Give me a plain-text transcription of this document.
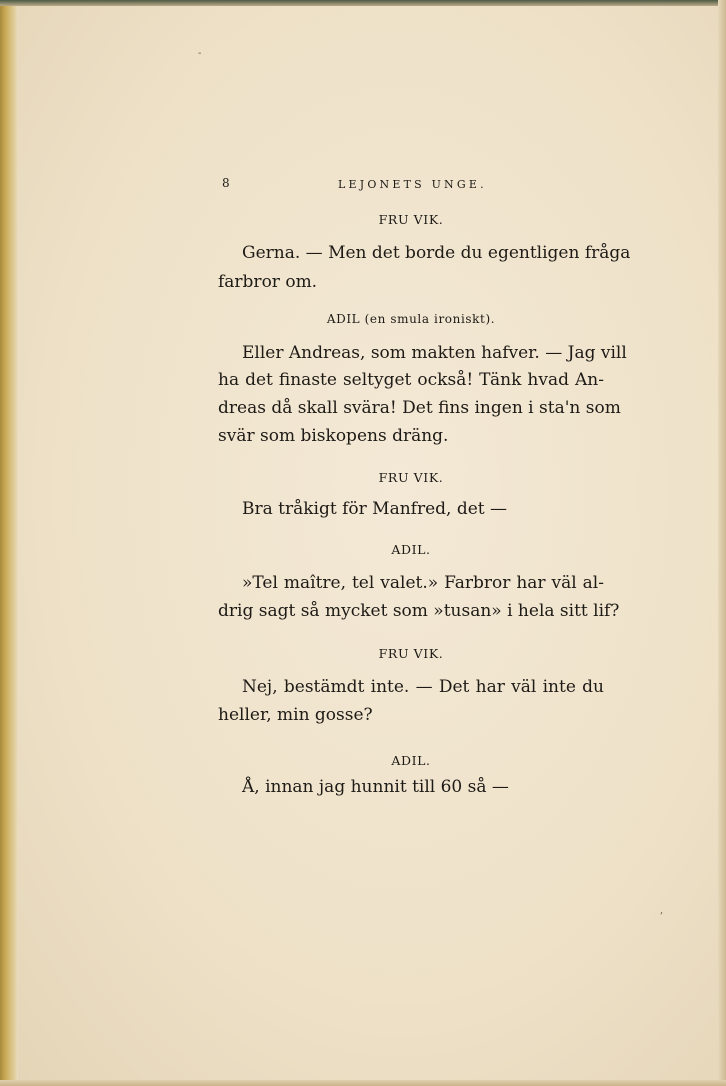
-
8	LEJONETS UNGE.
FRU VIK.
Gerna. — Men det borde du egentligen fråga
farbror om.
ADIL (en smula ironiskt).
Eller Andreas, som makten hafver. — Jag vill
ha det finaste seltyget också! Tänk hvad An-
dreas då skall svära! Det fins ingen i sta'n som
svär som biskopens dräng.
FRU VIK.
Bra tråkigt för Manfred, det —
ADIL.
»Tel maître, tel valet.» Farbror har väl al-
drig sagt så mycket som »tusan» i hela sitt lif?
FRU VIK.
Nej, bestämdt inte. — Det har väl inte du
heller, min gosse?
ADIL.
Å, innan jag hunnit till 60 så —
,
